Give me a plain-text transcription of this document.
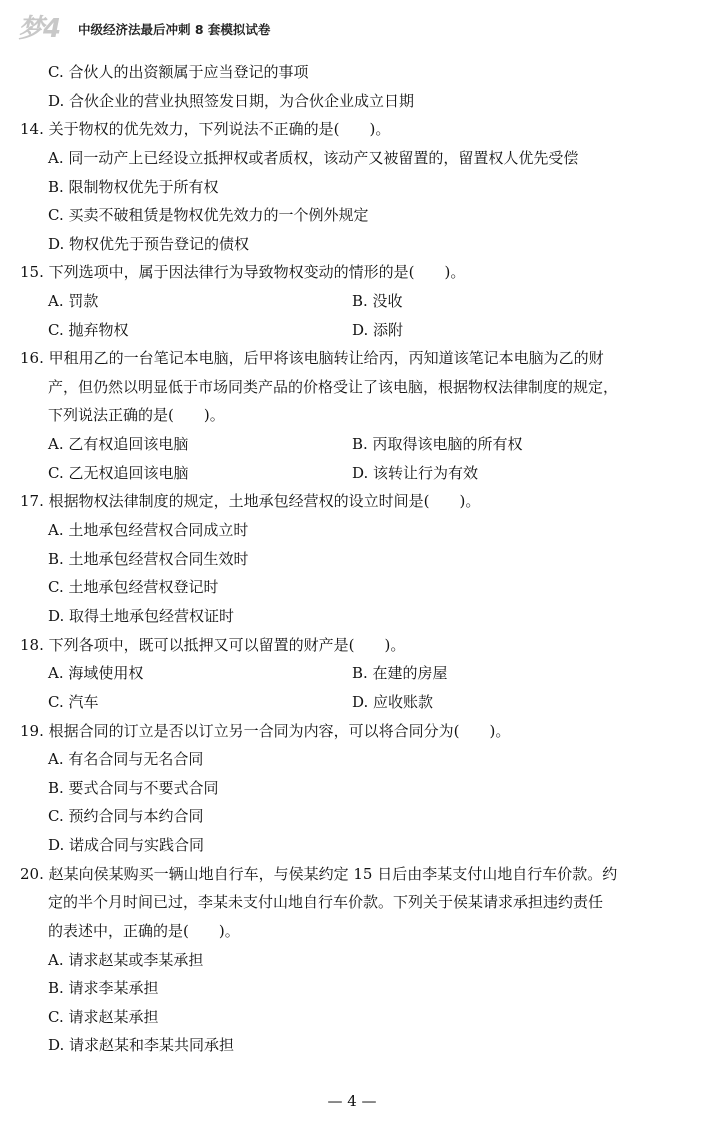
梦4 中级经济法最后冲刺 8 套模拟试卷
C. 合伙人的出资额属于应当登记的事项
D. 合伙企业的营业执照签发日期，为合伙企业成立日期
14. 关于物权的优先效力，下列说法不正确的是(　　)。
A. 同一动产上已经设立抵押权或者质权，该动产又被留置的，留置权人优先受偿
B. 限制物权优先于所有权
C. 买卖不破租赁是物权优先效力的一个例外规定
D. 物权优先于预告登记的债权
15. 下列选项中，属于因法律行为导致物权变动的情形的是(　　)。
A. 罚款	B. 没收
C. 抛弃物权	D. 添附
16. 甲租用乙的一台笔记本电脑，后甲将该电脑转让给丙，丙知道该笔记本电脑为乙的财
产，但仍然以明显低于市场同类产品的价格受让了该电脑，根据物权法律制度的规定，
下列说法正确的是(　　)。
A. 乙有权追回该电脑	B. 丙取得该电脑的所有权
C. 乙无权追回该电脑	D. 该转让行为有效
17. 根据物权法律制度的规定，土地承包经营权的设立时间是(　　)。
A. 土地承包经营权合同成立时
B. 土地承包经营权合同生效时
C. 土地承包经营权登记时
D. 取得土地承包经营权证时
18. 下列各项中，既可以抵押又可以留置的财产是(　　)。
A. 海域使用权	B. 在建的房屋
C. 汽车	D. 应收账款
19. 根据合同的订立是否以订立另一合同为内容，可以将合同分为(　　)。
A. 有名合同与无名合同
B. 要式合同与不要式合同
C. 预约合同与本约合同
D. 诺成合同与实践合同
20. 赵某向侯某购买一辆山地自行车，与侯某约定 15 日后由李某支付山地自行车价款。约
定的半个月时间已过，李某未支付山地自行车价款。下列关于侯某请求承担违约责任
的表述中，正确的是(　　)。
A. 请求赵某或李某承担
B. 请求李某承担
C. 请求赵某承担
D. 请求赵某和李某共同承担
— 4 —
